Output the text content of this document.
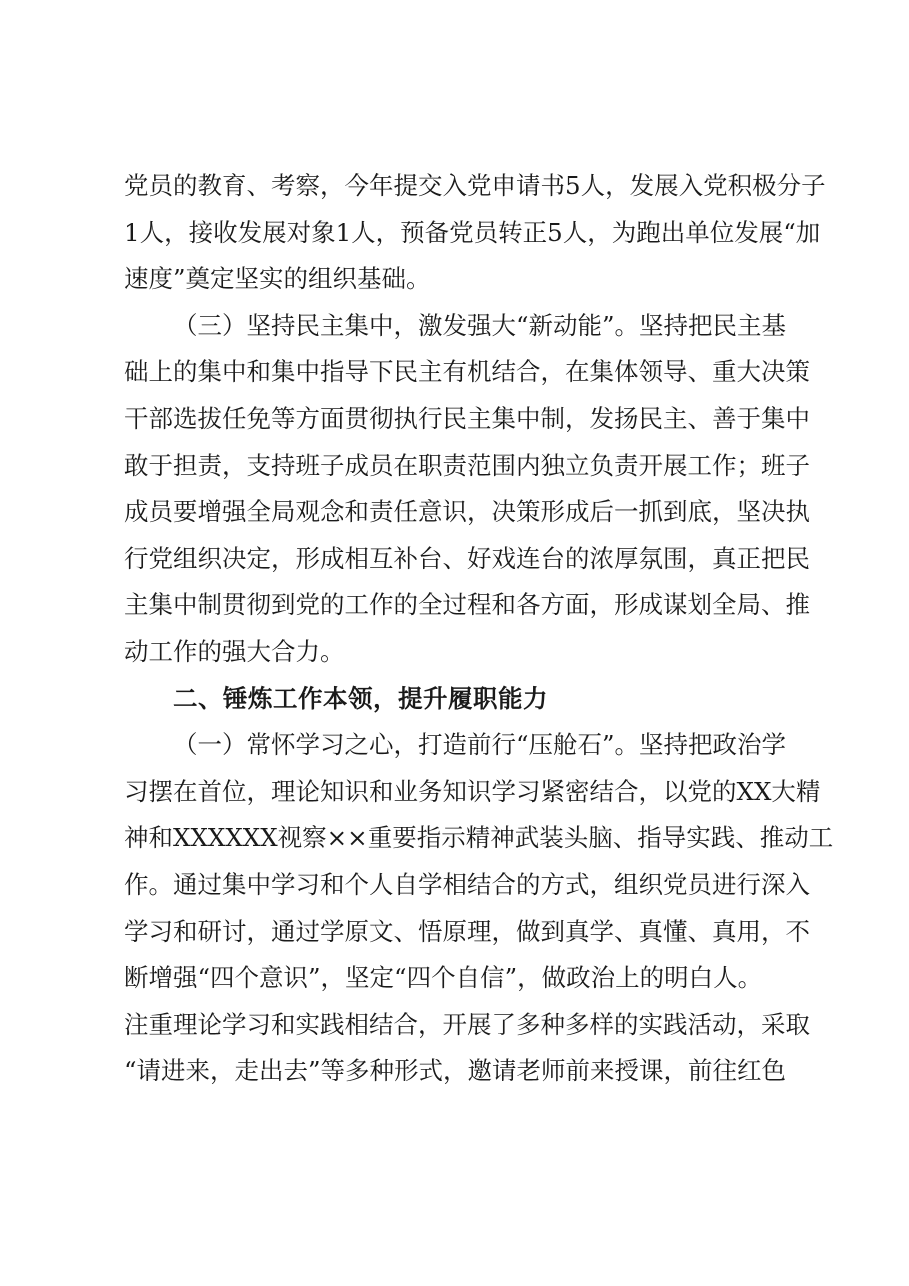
党员的教育、考察，今年提交入党申请书5人，发展入党积极分子
1人，接收发展对象1人，预备党员转正5人，为跑出单位发展“加
速度”奠定坚实的组织基础。
（三）坚持民主集中，激发强大“新动能”。坚持把民主基
础上的集中和集中指导下民主有机结合，在集体领导、重大决策
干部选拔任免等方面贯彻执行民主集中制，发扬民主、善于集中
敢于担责，支持班子成员在职责范围内独立负责开展工作；班子
成员要增强全局观念和责任意识，决策形成后一抓到底，坚决执
行党组织决定，形成相互补台、好戏连台的浓厚氛围，真正把民
主集中制贯彻到党的工作的全过程和各方面，形成谋划全局、推
动工作的强大合力。
二、锤炼工作本领，提升履职能力
（一）常怀学习之心，打造前行“压舱石”。坚持把政治学
习摆在首位，理论知识和业务知识学习紧密结合，以党的XX大精
神和XXXXXX视察××重要指示精神武装头脑、指导实践、推动工
作。通过集中学习和个人自学相结合的方式，组织党员进行深入
学习和研讨，通过学原文、悟原理，做到真学、真懂、真用，不
断增强“四个意识”，坚定“四个自信”，做政治上的明白人。
注重理论学习和实践相结合，开展了多种多样的实践活动，采取
“请进来，走出去”等多种形式，邀请老师前来授课，前往红色
